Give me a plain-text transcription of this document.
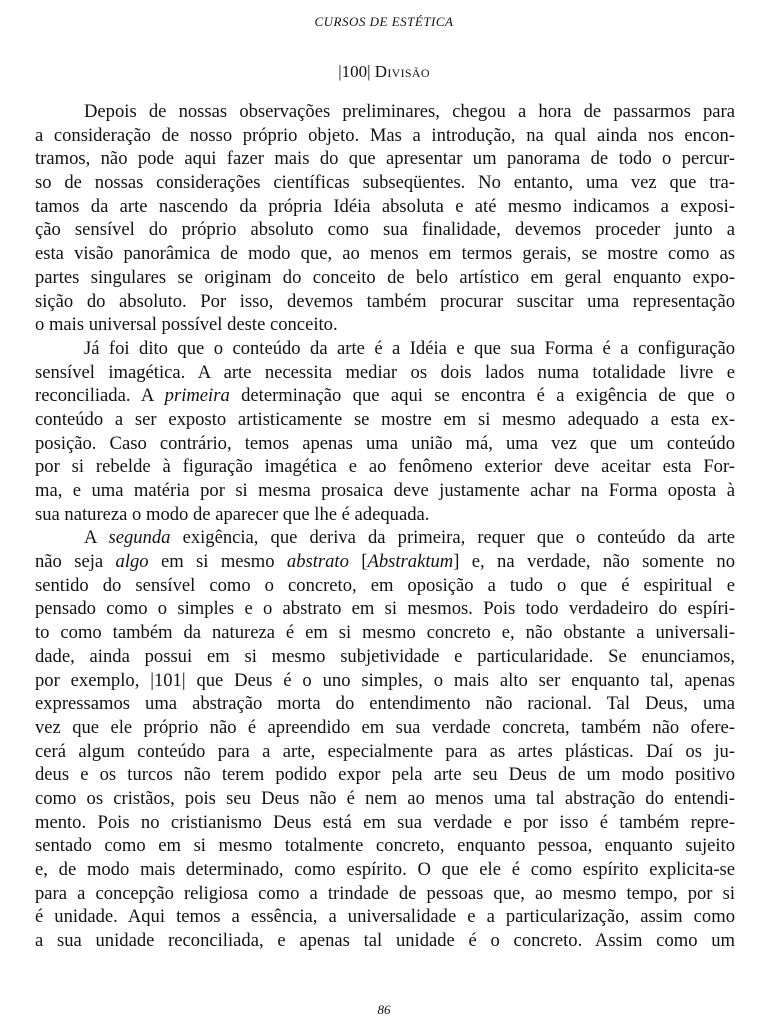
CURSOS DE ESTÉTICA
|100| Divisão
Depois de nossas observações preliminares, chegou a hora de passarmos para
a consideração de nosso próprio objeto. Mas a introdução, na qual ainda nos encon-
tramos, não pode aqui fazer mais do que apresentar um panorama de todo o percur-
so de nossas considerações científicas subseqüentes. No entanto, uma vez que tra-
tamos da arte nascendo da própria Idéia absoluta e até mesmo indicamos a exposi-
ção sensível do próprio absoluto como sua finalidade, devemos proceder junto a
esta visão panorâmica de modo que, ao menos em termos gerais, se mostre como as
partes singulares se originam do conceito de belo artístico em geral enquanto expo-
sição do absoluto. Por isso, devemos também procurar suscitar uma representação
o mais universal possível deste conceito.
Já foi dito que o conteúdo da arte é a Idéia e que sua Forma é a configuração
sensível imagética. A arte necessita mediar os dois lados numa totalidade livre e
reconciliada. A primeira determinação que aqui se encontra é a exigência de que o
conteúdo a ser exposto artisticamente se mostre em si mesmo adequado a esta ex-
posição. Caso contrário, temos apenas uma união má, uma vez que um conteúdo
por si rebelde à figuração imagética e ao fenômeno exterior deve aceitar esta For-
ma, e uma matéria por si mesma prosaica deve justamente achar na Forma oposta à
sua natureza o modo de aparecer que lhe é adequada.
A segunda exigência, que deriva da primeira, requer que o conteúdo da arte
não seja algo em si mesmo abstrato [Abstraktum] e, na verdade, não somente no
sentido do sensível como o concreto, em oposição a tudo o que é espiritual e
pensado como o simples e o abstrato em si mesmos. Pois todo verdadeiro do espíri-
to como também da natureza é em si mesmo concreto e, não obstante a universali-
dade, ainda possui em si mesmo subjetividade e particularidade. Se enunciamos,
por exemplo, |101| que Deus é o uno simples, o mais alto ser enquanto tal, apenas
expressamos uma abstração morta do entendimento não racional. Tal Deus, uma
vez que ele próprio não é apreendido em sua verdade concreta, também não ofere-
cerá algum conteúdo para a arte, especialmente para as artes plásticas. Daí os ju-
deus e os turcos não terem podido expor pela arte seu Deus de um modo positivo
como os cristãos, pois seu Deus não é nem ao menos uma tal abstração do entendi-
mento. Pois no cristianismo Deus está em sua verdade e por isso é também repre-
sentado como em si mesmo totalmente concreto, enquanto pessoa, enquanto sujeito
e, de modo mais determinado, como espírito. O que ele é como espírito explicita-se
para a concepção religiosa como a trindade de pessoas que, ao mesmo tempo, por si
é unidade. Aqui temos a essência, a universalidade e a particularização, assim como
a sua unidade reconciliada, e apenas tal unidade é o concreto. Assim como um
86
